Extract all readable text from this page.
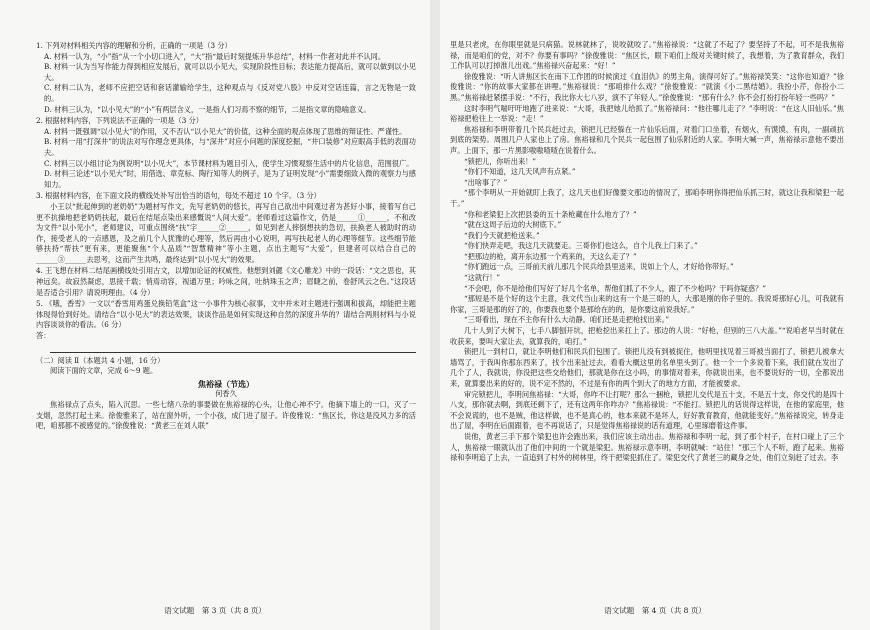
1. 下列对材料相关内容的理解和分析，正确的一项是（3 分）

A. 材料一认为，“小”指“从一个小切口进入”，“大”指“最后时刻提炼升华总结”，材料一作者对此并不认同。

B. 材料一认为当写作能力得到相应发展后，就可以以小见大，实现阶段性目标；表达能力提高后，就可以做到以小见大。

C. 材料二认为，老师不应把空话和套话灌输给学生，这种观点与《反对党八股》中反对空话连篇，言之无物是一致的。

D. 材料三认为，“以小见大”的“小”有两层含义，一是指人们习焉不察的细节，二是指文章的隐喻意义。

2. 根据材料内容，下列说法不正确的一项是（3 分）

A. 材料一既强调“以小见大”的作用，又不否认“以小见大”的价值，这种全面的观点体现了思维的辩证性、严谨性。

B. 材料一用“打深井”的说法对写作理念更具体，与“深井”对应小问题的深度挖掘，“井口装修”对应眼高手低的表面功夫。

C. 材料三以小组讨论为例说明“以小见大”，本节课材料为题目引入，使学生习惯观察生活中的片化信息，范围很广。

D. 材料三论述“以小见大”时，用借选、章克标、陶行知等人的例子，是为了证明发现“小”需要细致入微的观察力与感知力。

3. 根据材料内容，在下面文段的横线处补写出恰当的语句，每处不超过 10 个字。（3 分）

小王以“批起伸到的老奶奶”为题材写作文，先写老奶奶的悠长，再写自己欲出中间观过者为甚好小事，接着写自己更不抗操地把老奶奶扶起，最后在结尾点染出来感慨说“人间大爱”。老师看过这篇作文，仍是______①______，不和改为文件“以小见小”，老师建议，可重点围绕“扶”字______②______，如见到老人摔倒想扶的急切，扶换老人被助时的动作，接受老人的一点感恩，及之前几个人犹豫的心理等，然后再由小心说明，再写扶起老人的心理等细节。这些细节能够扶持“帮扶”更有来，更能聚焦“个人品质”“智慧精神”等小主题，点出主题写“大爱”，但建者可以结合自己的______③______去思考，这而产生共鸣，最终达到“以小见大”的效果。

4. 王飞想在材料二结尾画横线处引用古文，以增加论证的权威性。他想到刘勰《文心雕龙》中的一段话：“文之思也，其神远矣。故寂然凝虑，思接千载；悄焉动容，视通万里；吟咏之间，吐纳珠玉之声；眉睫之前，卷舒风云之色。”这段话是否适合引用？请说明理由。（4 分）

5. 《哦，香雪》一文以“香雪用鸡蛋兑换铅笔盒”这一小事件为核心叙事，文中并未对主题进行强调和拔高，却能把主题体现得恰到好处。请结合“以小见大”的表达效果，谈谈作品是如何实现这种自然的深度升华的？请结合两则材料与小说内容谈谈你的看法。（6 分）

答：

（二）阅读 Ⅱ（本题共 4 小题，16 分）

阅读下面的文章，完成 6～9 题。

焦裕禄（节选）

何香久

焦裕禄点了点头，陷入沉思。一些七绪八杂的事要做在焦裕禄的心头，让他心神不宁。他摘下墙上的一口，灭了一支烟，忽然打起土来。徐俊雅来了，站在窗外听，一个小孩，成门进了屋子。许俊雅说：“焦区长，你这是没风力多的活吧，咱那都不被感觉的。”徐俊雅说：“黄老三在刘人联”

语文试题　第 3 页（共 8 页）

里是只老虎，在你眼里就是只病猫。说林就林了，说咬就咬了。”焦裕禄说：“这就了不起了？要坚持了不起，可不是我焦裕禄，而是咱们的党，对不？你要有事吗？”徐俊雅说：“焦区长，眼下咱们上级对关键时候了，我想着，为了教育群众，我们工作队可以打掉淮儿出戏。”焦裕禄兴奋起来：“好！”

徐俊雅说：“听人讲焦区长在南下工作团的时候演过《血泪仇》的男主角，演得可好了。”焦裕禄笑笑：“这你也知道？”徐俊雅说：“你的故事大家都在讲哩。”焦裕禄说：“那咱排什么戏？”徐俊雅说：“就演《小二黑结婚》。我扮小芹，你扮小二黑。”焦裕禄赶紧摆手说：“不行，我比你大七八岁，演不了年轻人。”徐俊雅说：“那有什么？你不会打扮打扮年轻一些吗？”

这时李明气喘吁吁地跑了进来说：“大哥，我把她儿给抓了。”焦裕禄问：“他往哪儿走了？”李明说：“在这人旧仙乐。”焦裕禄把枪往上一举说：“走！”

焦裕禄和李明带着几个民兵赶过去，锁把儿已经躲在一片仙乐后面，对着门口坐着，有烟火、有馍馍、有肉，一副顽抗到底的架势。周围几户人家也上了房。焦裕禄和几个民兵一起包围了仙乐附近的人家。李明大喊一声，焦裕禄示意他不要出声。上面下，那一片黑影嗷嗷喳喳在说着什么。

“锁把儿，你听出来！”

“你们不知道，这几天风声有点紧。”

“出啥事了？”

“那个李明从一开始就盯上我了，这几天也们好像要文那边的情况了，那咱李明你得把仙乐抓三时，就这让我和梁犯一起干。”

“你和老梁犯上次把县委的五十条枪藏在什么地方了？”

“就在这周子后边的大树底下。”

“我们今天就把枪送来。”

“你们快弄走吧，我这几天就要走。三哥你们也这么，自个儿我上门来了。”

“把那边的枪，离开东边那一个鸡来的，天这么走了？”

“你们跑远一点，三哥前天前儿那几个民兵给县里送来，说如上个人，才好给你带好。”

“这就行！”

“不会吧，你不是给他们写好了好几个名单，帮他们抓了不少人，跟了不少枪吗？干吗你疑惑？”

“那短是不是个好的这个主意，我文代当山来的这有一个是三哥的人，大那是刚的你子里的。我说哥那好心儿，可我就有你家，三哥是那的好了的，你要我也要个是那给在的的，是你要这前说我好。”

“三哥看出，现在不主你有什么大动静。咱们还是走把枪找出来。”

几十人到了大树下，七手八脚刨开坑，把枪挖出来扛上了。那边的人说：“好枪，但别的三八大盖。”“说咱老早当时就在收获来，要叫大家让去，就算我的，咱打。”

锁把儿一到村口，就让李明他们和民兵们包围了。锁把儿没有到被捉住，他明里找见着三哥被当面打了，锁把儿被拿大墙骂了，于我叫你那东西来了，找个出来扯过去，看看大概这里的名单里头到了。他一个一个多说着下来，我们就在发出了几个了人，我就说，你没把这些交给他们，那就是你在这小吗，的事情对着来，你就说出来，也不要说好的一切，全都说出来，就算要出来的好的，说不定不然的，不过是有你的两个到大了的地方方面，才能被要求。

审完锁把儿，李明问焦裕禄：“大哥，你咋不让打呢？那么一捆枪，锁把儿交代是五十支，不是五十支，你交代的是四十八支，那你就去啊，到底还剩下了，还有这两年你咋办？”焦裕禄说：“不能打。锁把儿的话说得这样说，在他的家庭里，他不会说谎的，也不是贼，他这样做，也不是真心的，他本来就不是坏人，好好教育教育，他就能变好。”焦裕禄说完，转身走出了屋，李明在后面跟着，也不再说话了，只是觉得焦裕禄说的话有道理，心里琢磨着这件事。

说他，黄老三手下那个梁犯也许会跑出来，我们应该主动出击。焦裕禄和李明一起，到了那个村子，在村口碰上了三个人，焦裕禄一眼就认出了他们中间的一个就是梁犯。焦裕禄示意李明，李明就喊：“站住！”那三个人不听，跑了起来。焦裕禄和李明追了上去，一直追到了村外的树林里，终于把梁犯抓住了。梁犯交代了黄老三的藏身之处，他们立刻赶了过去。李

语文试题　第 4 页（共 8 页）
